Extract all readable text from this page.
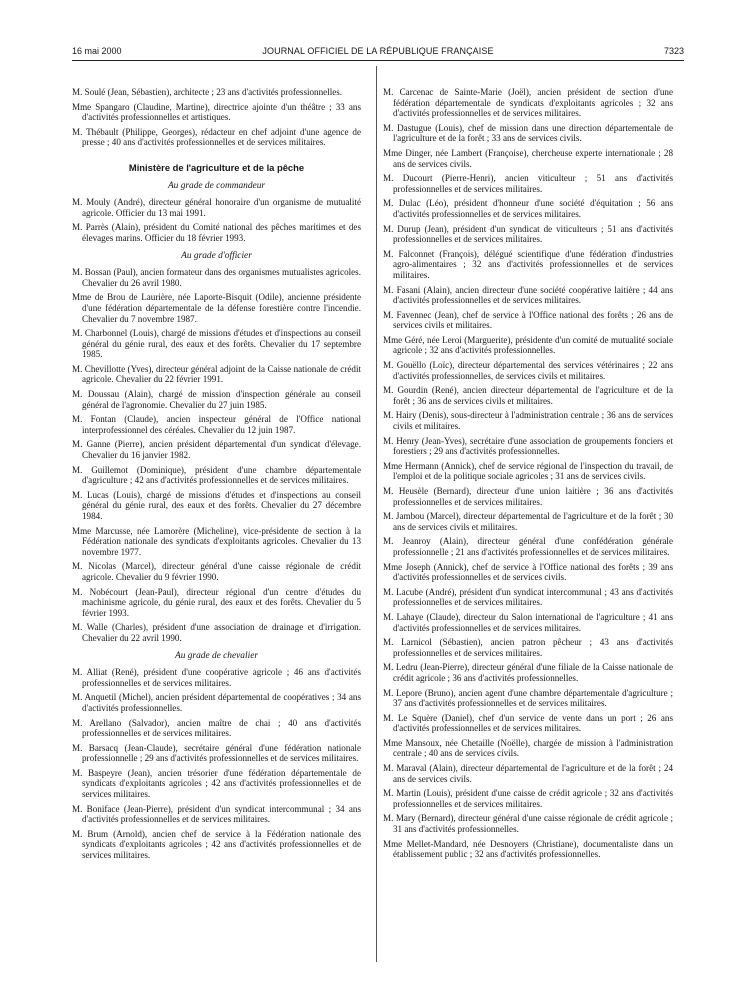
16 mai 2000	JOURNAL OFFICIEL DE LA RÉPUBLIQUE FRANÇAISE	7323

M. Soulé (Jean, Sébastien), architecte ; 23 ans d'activités professionnelles.

Mme Spangaro (Claudine, Martine), directrice ajointe d'un théâtre ; 33 ans d'activités professionnelles et artistiques.

M. Thébault (Philippe, Georges), rédacteur en chef adjoint d'une agence de presse ; 40 ans d'activités professionnelles et de services militaires.

Ministère de l'agriculture et de la pêche
Au grade de commandeur

M. Mouly (André), directeur général honoraire d'un organisme de mutualité agricole. Officier du 13 mai 1991.

M. Parrès (Alain), président du Comité national des pêches maritimes et des élevages marins. Officier du 18 février 1993.

Au grade d'officier

M. Bossan (Paul), ancien formateur dans des organismes mutualistes agricoles. Chevalier du 26 avril 1980.

Mme de Brou de Laurière, née Laporte-Bisquit (Odile), ancienne présidente d'une fédération départementale de la défense forestière contre l'incendie. Chevalier du 7 novembre 1987.

M. Charbonnel (Louis), chargé de missions d'études et d'inspections au conseil général du génie rural, des eaux et des forêts. Chevalier du 17 septembre 1985.

M. Chevillotte (Yves), directeur général adjoint de la Caisse nationale de crédit agricole. Chevalier du 22 février 1991.

M. Doussau (Alain), chargé de mission d'inspection générale au conseil général de l'agronomie. Chevalier du 27 juin 1985.

M. Fontan (Claude), ancien inspecteur général de l'Office national interprofessionnel des céréales. Chevalier du 12 juin 1987.

M. Ganne (Pierre), ancien président départemental d'un syndicat d'élevage. Chevalier du 16 janvier 1982.

M. Guillemot (Dominique), président d'une chambre départementale d'agriculture ; 42 ans d'activités professionnelles et de services militaires.

M. Lucas (Louis), chargé de missions d'études et d'inspections au conseil général du génie rural, des eaux et des forêts. Chevalier du 27 décembre 1984.

Mme Marcusse, née Lamorère (Micheline), vice-présidente de section à la Fédération nationale des syndicats d'exploitants agricoles. Chevalier du 13 novembre 1977.

M. Nicolas (Marcel), directeur général d'une caisse régionale de crédit agricole. Chevalier du 9 février 1990.

M. Nobécourt (Jean-Paul), directeur régional d'un centre d'études du machinisme agricole, du génie rural, des eaux et des forêts. Chevalier du 5 février 1993.

M. Walle (Charles), président d'une association de drainage et d'irrigation. Chevalier du 22 avril 1990.

Au grade de chevalier

M. Alliat (René), président d'une coopérative agricole ; 46 ans d'activités professionnelles et de services militaires.

M. Anquetil (Michel), ancien président départemental de coopératives ; 34 ans d'activités professionnelles.

M. Arellano (Salvador), ancien maître de chai ; 40 ans d'activités professionnelles et de services militaires.

M. Barsacq (Jean-Claude), secrétaire général d'une fédération nationale professionnelle ; 29 ans d'activités professionnelles et de services militaires.

M. Baspeyre (Jean), ancien trésorier d'une fédération départementale de syndicats d'exploitants agricoles ; 42 ans d'activités professionnelles et de services militaires.

M. Boniface (Jean-Pierre), président d'un syndicat intercommunal ; 34 ans d'activités professionnelles et de services militaires.

M. Brum (Arnold), ancien chef de service à la Fédération nationale des syndicats d'exploitants agricoles ; 42 ans d'activités professionnelles et de services militaires.

M. Carcenac de Sainte-Marie (Joël), ancien président de section d'une fédération départementale de syndicats d'exploitants agricoles ; 32 ans d'activités professionnelles et de services militaires.

M. Dastugue (Louis), chef de mission dans une direction départementale de l'agriculture et de la forêt ; 33 ans de services civils.

Mme Dinger, née Lambert (Françoise), chercheuse experte internationale ; 28 ans de services civils.

M. Ducourt (Pierre-Henri), ancien viticulteur ; 51 ans d'activités professionnelles et de services militaires.

M. Dulac (Léo), président d'honneur d'une société d'équitation ; 56 ans d'activités professionnelles et de services militaires.

M. Durup (Jean), président d'un syndicat de viticulteurs ; 51 ans d'activités professionnelles et de services militaires.

M. Falconnet (François), délégué scientifique d'une fédération d'industries agro-alimentaires ; 32 ans d'activités professionnelles et de services militaires.

M. Fasani (Alain), ancien directeur d'une société coopérative laitière ; 44 ans d'activités professionnelles et de services militaires.

M. Favennec (Jean), chef de service à l'Office national des forêts ; 26 ans de services civils et militaires.

Mme Géré, née Leroi (Marguerite), présidente d'un comité de mutualité sociale agricole ; 32 ans d'activités professionnelles.

M. Gouëllo (Loïc), directeur départemental des services vétérinaires ; 22 ans d'activités professionnelles, de services civils et militaires.

M. Gourdin (René), ancien directeur départemental de l'agriculture et de la forêt ; 36 ans de services civils et militaires.

M. Hairy (Denis), sous-directeur à l'administration centrale ; 36 ans de services civils et militaires.

M. Henry (Jean-Yves), secrétaire d'une association de groupements fonciers et forestiers ; 29 ans d'activités professionnelles.

Mme Hermann (Annick), chef de service régional de l'inspection du travail, de l'emploi et de la politique sociale agricoles ; 31 ans de services civils.

M. Heusèle (Bernard), directeur d'une union laitière ; 36 ans d'activités professionnelles et de services militaires.

M. Jambou (Marcel), directeur départemental de l'agriculture et de la forêt ; 30 ans de services civils et militaires.

M. Jeanroy (Alain), directeur général d'une confédération générale professionnelle ; 21 ans d'activités professionnelles et de services militaires.

Mme Joseph (Annick), chef de service à l'Office national des forêts ; 39 ans d'activités professionnelles et de services civils.

M. Lacube (André), président d'un syndicat intercommunal ; 43 ans d'activités professionnelles et de services militaires.

M. Lahaye (Claude), directeur du Salon international de l'agriculture ; 41 ans d'activités professionnelles et de services militaires.

M. Larnicol (Sébastien), ancien patron pêcheur ; 43 ans d'activités professionnelles et de services militaires.

M. Ledru (Jean-Pierre), directeur général d'une filiale de la Caisse nationale de crédit agricole ; 36 ans d'activités professionnelles.

M. Lepore (Bruno), ancien agent d'une chambre départementale d'agriculture ; 37 ans d'activités professionnelles et de services militaires.

M. Le Squère (Daniel), chef d'un service de vente dans un port ; 26 ans d'activités professionnelles et de services militaires.

Mme Mansoux, née Chetaille (Noëlle), chargée de mission à l'administration centrale ; 40 ans de services civils.

M. Maraval (Alain), directeur départemental de l'agriculture et de la forêt ; 24 ans de services civils.

M. Martin (Louis), président d'une caisse de crédit agricole ; 32 ans d'activités professionnelles et de services militaires.

M. Mary (Bernard), directeur général d'une caisse régionale de crédit agricole ; 31 ans d'activités professionnelles.

Mme Mellet-Mandard, née Desnoyers (Christiane), documentaliste dans un établissement public ; 32 ans d'activités professionnelles.
